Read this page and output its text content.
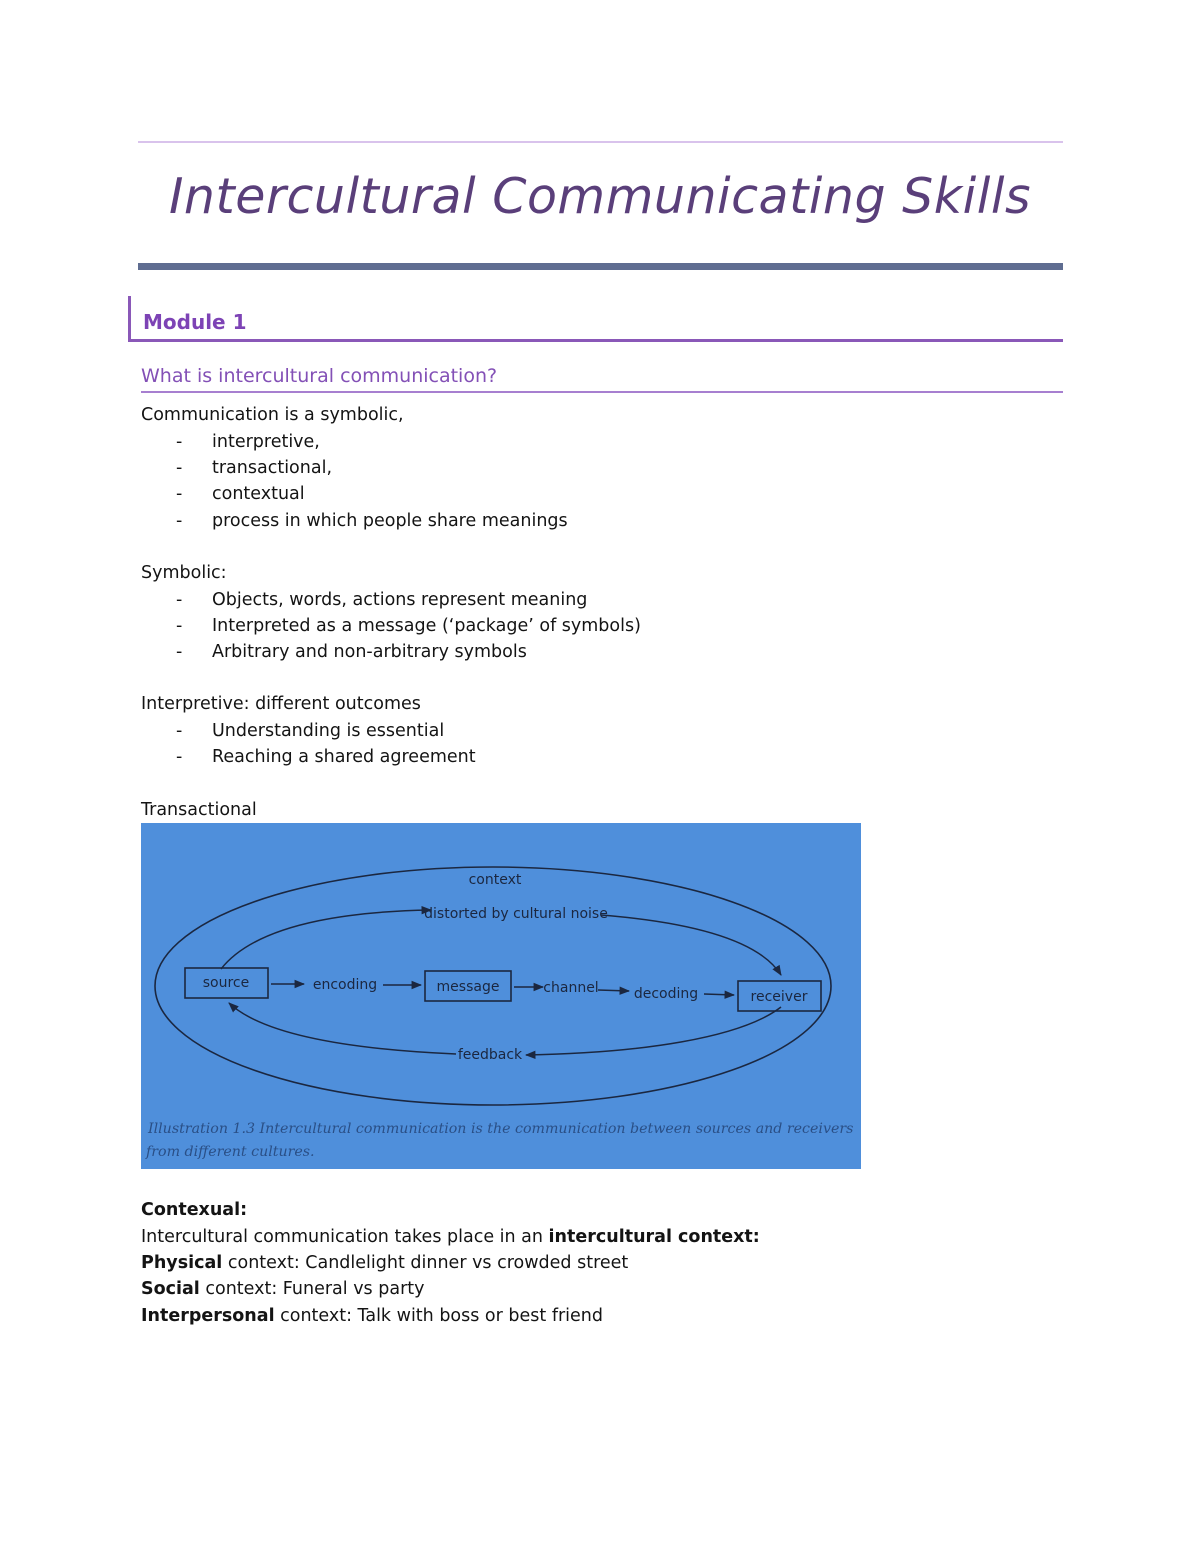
Intercultural Communicating Skills
Module 1
What is intercultural communication?
Communication is a symbolic,
- interpretive,
- transactional,
- contextual
- process in which people share meanings
Symbolic:
- Objects, words, actions represent meaning
- Interpreted as a message (‘package’ of symbols)
- Arbitrary and non-arbitrary symbols
Interpretive: different outcomes
- Understanding is essential
- Reaching a shared agreement
Transactional
context
distorted by cultural noise
source	encoding	message	channel	decoding	receiver
feedback
Illustration 1.3 Intercultural communication is the communication between sources and receivers
from different cultures.
Contexual:
Intercultural communication takes place in an intercultural context:
Physical context: Candlelight dinner vs crowded street
Social context: Funeral vs party
Interpersonal context: Talk with boss or best friend
